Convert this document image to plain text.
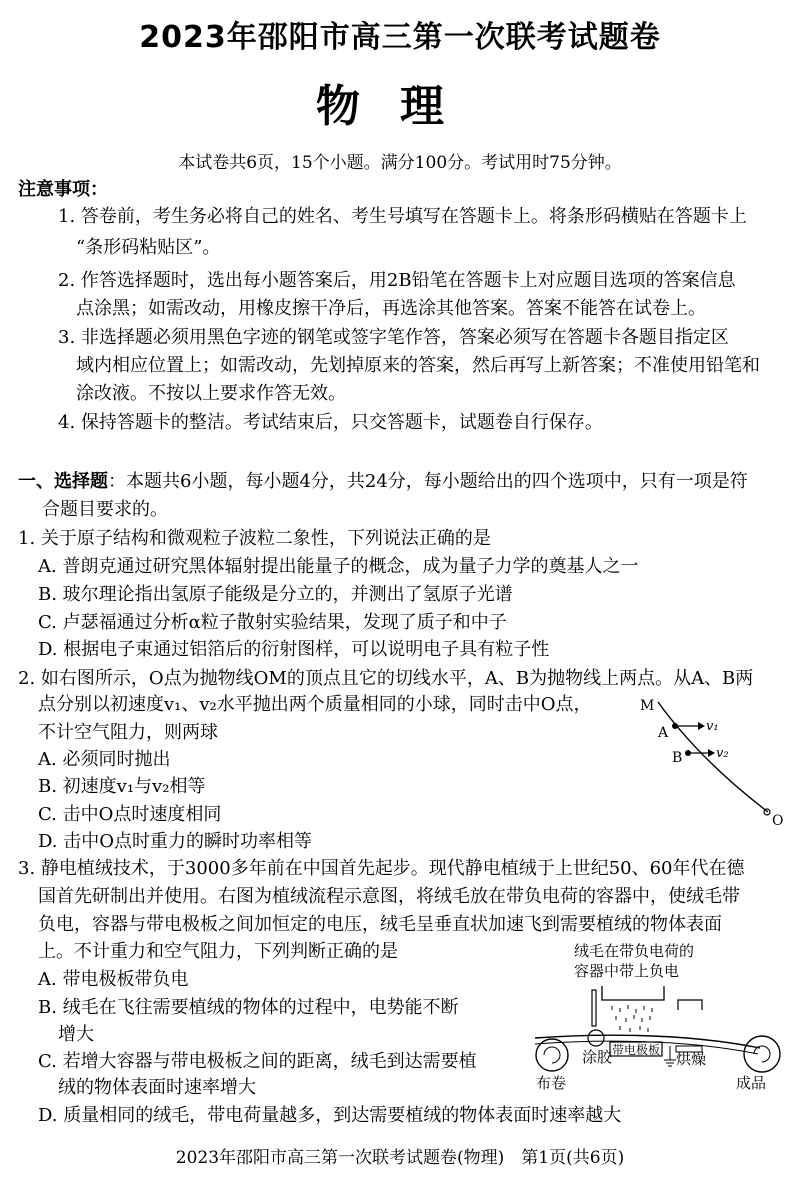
2023年邵阳市高三第一次联考试题卷
物理
本试卷共6页，15个小题。满分100分。考试用时75分钟。
注意事项：
1. 答卷前，考生务必将自己的姓名、考生号填写在答题卡上。将条形码横贴在答题卡上
“条形码粘贴区”。
2. 作答选择题时，选出每小题答案后，用2B铅笔在答题卡上对应题目选项的答案信息
点涂黑；如需改动，用橡皮擦干净后，再选涂其他答案。答案不能答在试卷上。
3. 非选择题必须用黑色字迹的钢笔或签字笔作答，答案必须写在答题卡各题目指定区
域内相应位置上；如需改动，先划掉原来的答案，然后再写上新答案；不准使用铅笔和
涂改液。不按以上要求作答无效。
4. 保持答题卡的整洁。考试结束后，只交答题卡，试题卷自行保存。
一、选择题：本题共6小题，每小题4分，共24分，每小题给出的四个选项中，只有一项是符
合题目要求的。
1. 关于原子结构和微观粒子波粒二象性，下列说法正确的是
A. 普朗克通过研究黑体辐射提出能量子的概念，成为量子力学的奠基人之一
B. 玻尔理论指出氢原子能级是分立的，并测出了氢原子光谱
C. 卢瑟福通过分析α粒子散射实验结果，发现了质子和中子
D. 根据电子束通过铝箔后的衍射图样，可以说明电子具有粒子性
2. 如右图所示，O点为抛物线OM的顶点且它的切线水平，A、B为抛物线上两点。从A、B两
点分别以初速度v₁、v₂水平抛出两个质量相同的小球，同时击中O点，
不计空气阻力，则两球
A. 必须同时抛出
B. 初速度v₁与v₂相等
C. 击中O点时速度相同
D. 击中O点时重力的瞬时功率相等
M
A	v₁
B	v₂
O
3. 静电植绒技术，于3000多年前在中国首先起步。现代静电植绒于上世纪50、60年代在德
国首先研制出并使用。右图为植绒流程示意图，将绒毛放在带负电荷的容器中，使绒毛带
负电，容器与带电极板之间加恒定的电压，绒毛呈垂直状加速飞到需要植绒的物体表面
上。不计重力和空气阻力，下列判断正确的是
A. 带电极板带负电
B. 绒毛在飞往需要植绒的物体的过程中，电势能不断
增大
C. 若增大容器与带电极板之间的距离，绒毛到达需要植
绒的物体表面时速率增大
D. 质量相同的绒毛，带电荷量越多，到达需要植绒的物体表面时速率越大
绒毛在带负电荷的
容器中带上负电
带电极板
涂胶	烘燥
布卷	成品
2023年邵阳市高三第一次联考试题卷(物理)　第1页(共6页)
